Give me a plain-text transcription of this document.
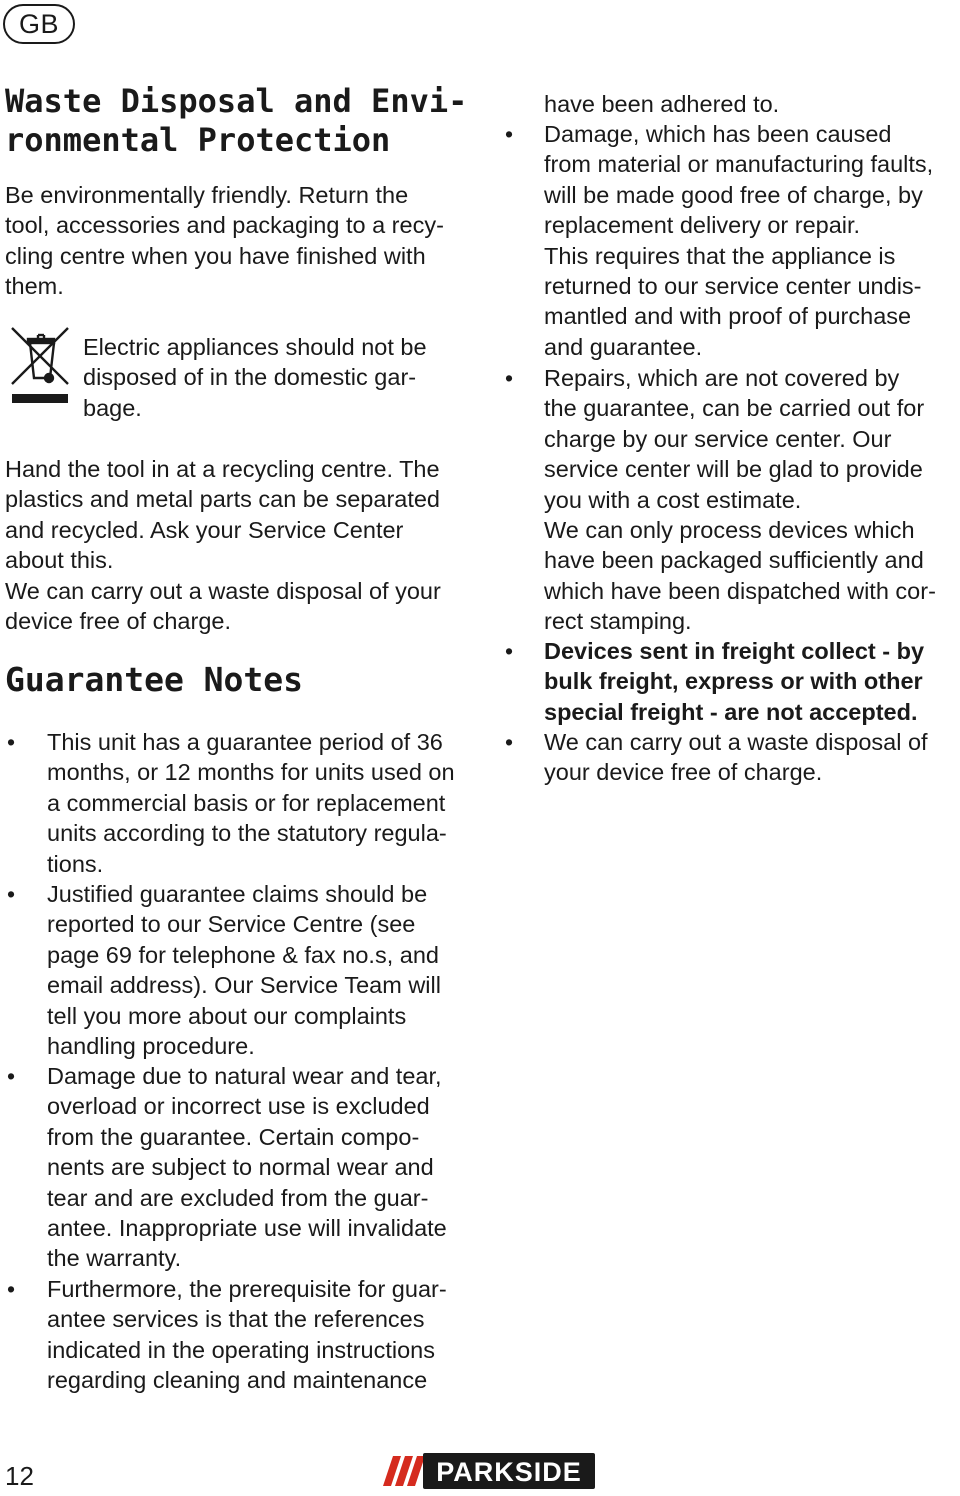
GB
Waste Disposal and Envi-
ronmental Protection

Be environmentally friendly. Return the
tool, accessories and packaging to a recy-
cling centre when you have finished with
them.

Electric appliances should not be
disposed of in the domestic gar-
bage.

Hand the tool in at a recycling centre. The
plastics and metal parts can be separated
and recycled. Ask your Service Center
about this.

We can carry out a waste disposal of your
device free of charge.

Guarantee Notes
• This unit has a guarantee period of 36
months, or 12 months for units used on
a commercial basis or for replacement
units according to the statutory regula-
tions.

• Justified guarantee claims should be
reported to our Service Centre (see
page 69 for telephone & fax no.s, and
email address). Our Service Team will
tell you more about our complaints
handling procedure.

• Damage due to natural wear and tear,
overload or incorrect use is excluded
from the guarantee. Certain compo-
nents are subject to normal wear and
tear and are excluded from the guar-
antee. Inappropriate use will invalidate
the warranty.

• Furthermore, the prerequisite for guar-
antee services is that the references
indicated in the operating instructions
regarding cleaning and maintenance

have been adhered to.

• Damage, which has been caused
from material or manufacturing faults,
will be made good free of charge, by
replacement delivery or repair.
This requires that the appliance is
returned to our service center undis-
mantled and with proof of purchase
and guarantee.

• Repairs, which are not covered by
the guarantee, can be carried out for
charge by our service center. Our
service center will be glad to provide
you with a cost estimate.
We can only process devices which
have been packaged sufficiently and
which have been dispatched with cor-
rect stamping.

• Devices sent in freight collect - by
bulk freight, express or with other
special freight - are not accepted.

• We can carry out a waste disposal of
your device free of charge.

12	PARKSIDE
